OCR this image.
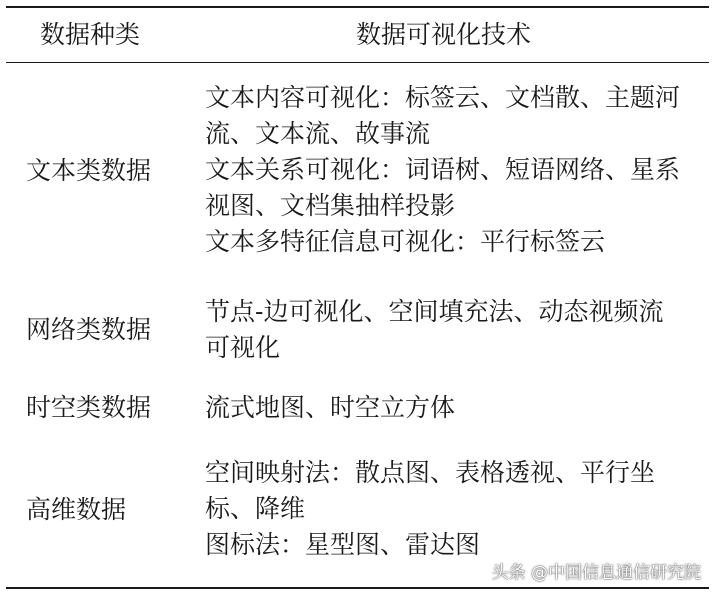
数据种类	数据可视化技术
文本类数据
文本内容可视化：标签云、文档散、主题河
流、文本流、故事流
文本关系可视化：词语树、短语网络、星系
视图、文档集抽样投影
文本多特征信息可视化：平行标签云
网络类数据
节点-边可视化、空间填充法、动态视频流
可视化
时空类数据 流式地图、时空立方体
高维数据
空间映射法：散点图、表格透视、平行坐
标、降维
图标法：星型图、雷达图
头条 @中国信息通信研究院
